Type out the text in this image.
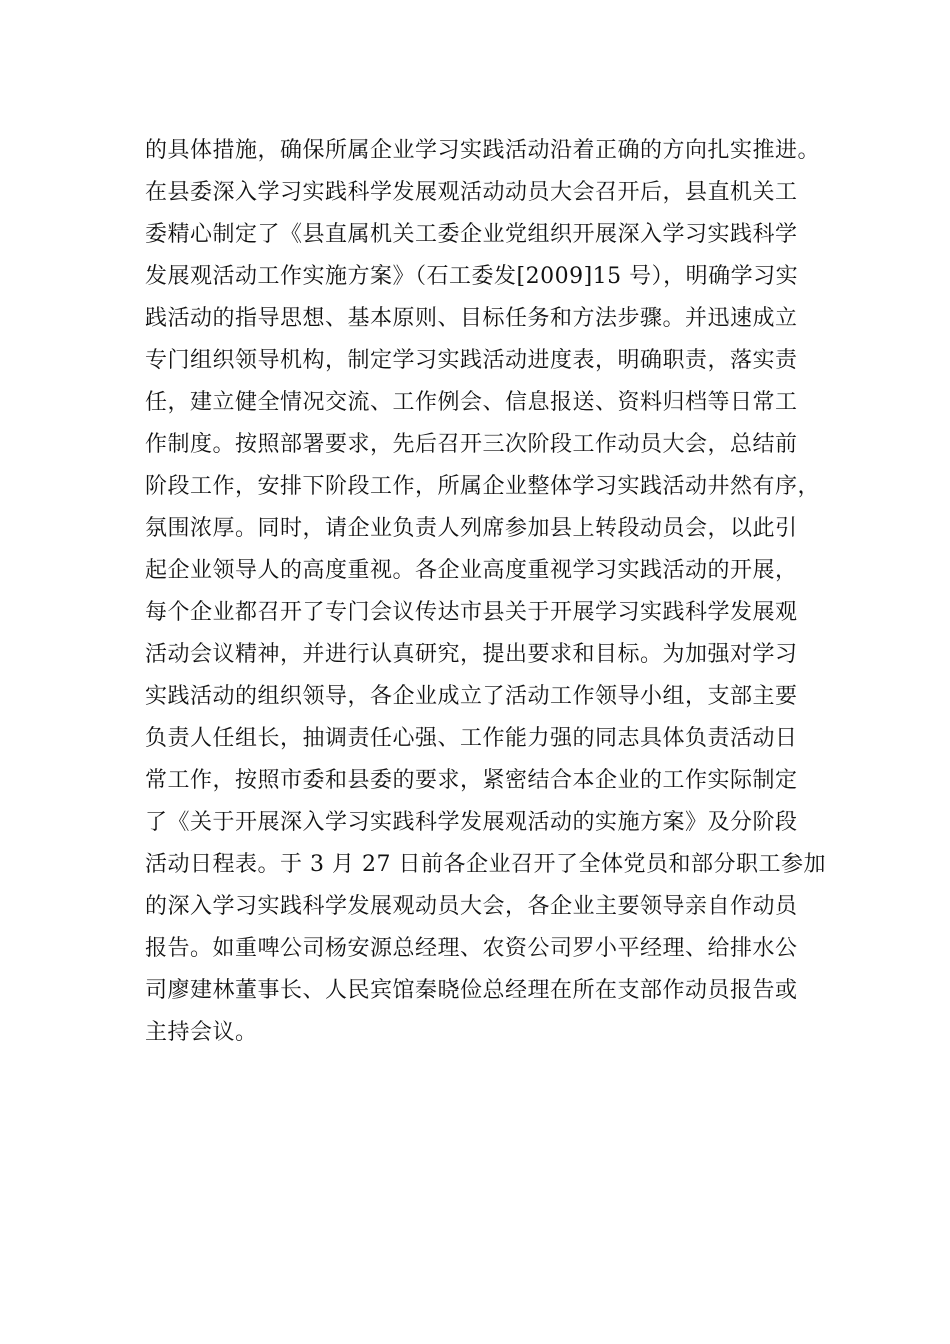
的具体措施，确保所属企业学习实践活动沿着正确的方向扎实推进。
在县委深入学习实践科学发展观活动动员大会召开后，县直机关工
委精心制定了《县直属机关工委企业党组织开展深入学习实践科学
发展观活动工作实施方案》（石工委发[2009]15 号），明确学习实
践活动的指导思想、基本原则、目标任务和方法步骤。并迅速成立
专门组织领导机构，制定学习实践活动进度表，明确职责，落实责
任，建立健全情况交流、工作例会、信息报送、资料归档等日常工
作制度。按照部署要求，先后召开三次阶段工作动员大会，总结前
阶段工作，安排下阶段工作，所属企业整体学习实践活动井然有序，
氛围浓厚。同时，请企业负责人列席参加县上转段动员会，以此引
起企业领导人的高度重视。各企业高度重视学习实践活动的开展，
每个企业都召开了专门会议传达市县关于开展学习实践科学发展观
活动会议精神，并进行认真研究，提出要求和目标。为加强对学习
实践活动的组织领导，各企业成立了活动工作领导小组，支部主要
负责人任组长，抽调责任心强、工作能力强的同志具体负责活动日
常工作，按照市委和县委的要求，紧密结合本企业的工作实际制定
了《关于开展深入学习实践科学发展观活动的实施方案》及分阶段
活动日程表。于 3 月 27 日前各企业召开了全体党员和部分职工参加
的深入学习实践科学发展观动员大会，各企业主要领导亲自作动员
报告。如重啤公司杨安源总经理、农资公司罗小平经理、给排水公
司廖建林董事长、人民宾馆秦晓俭总经理在所在支部作动员报告或
主持会议。
